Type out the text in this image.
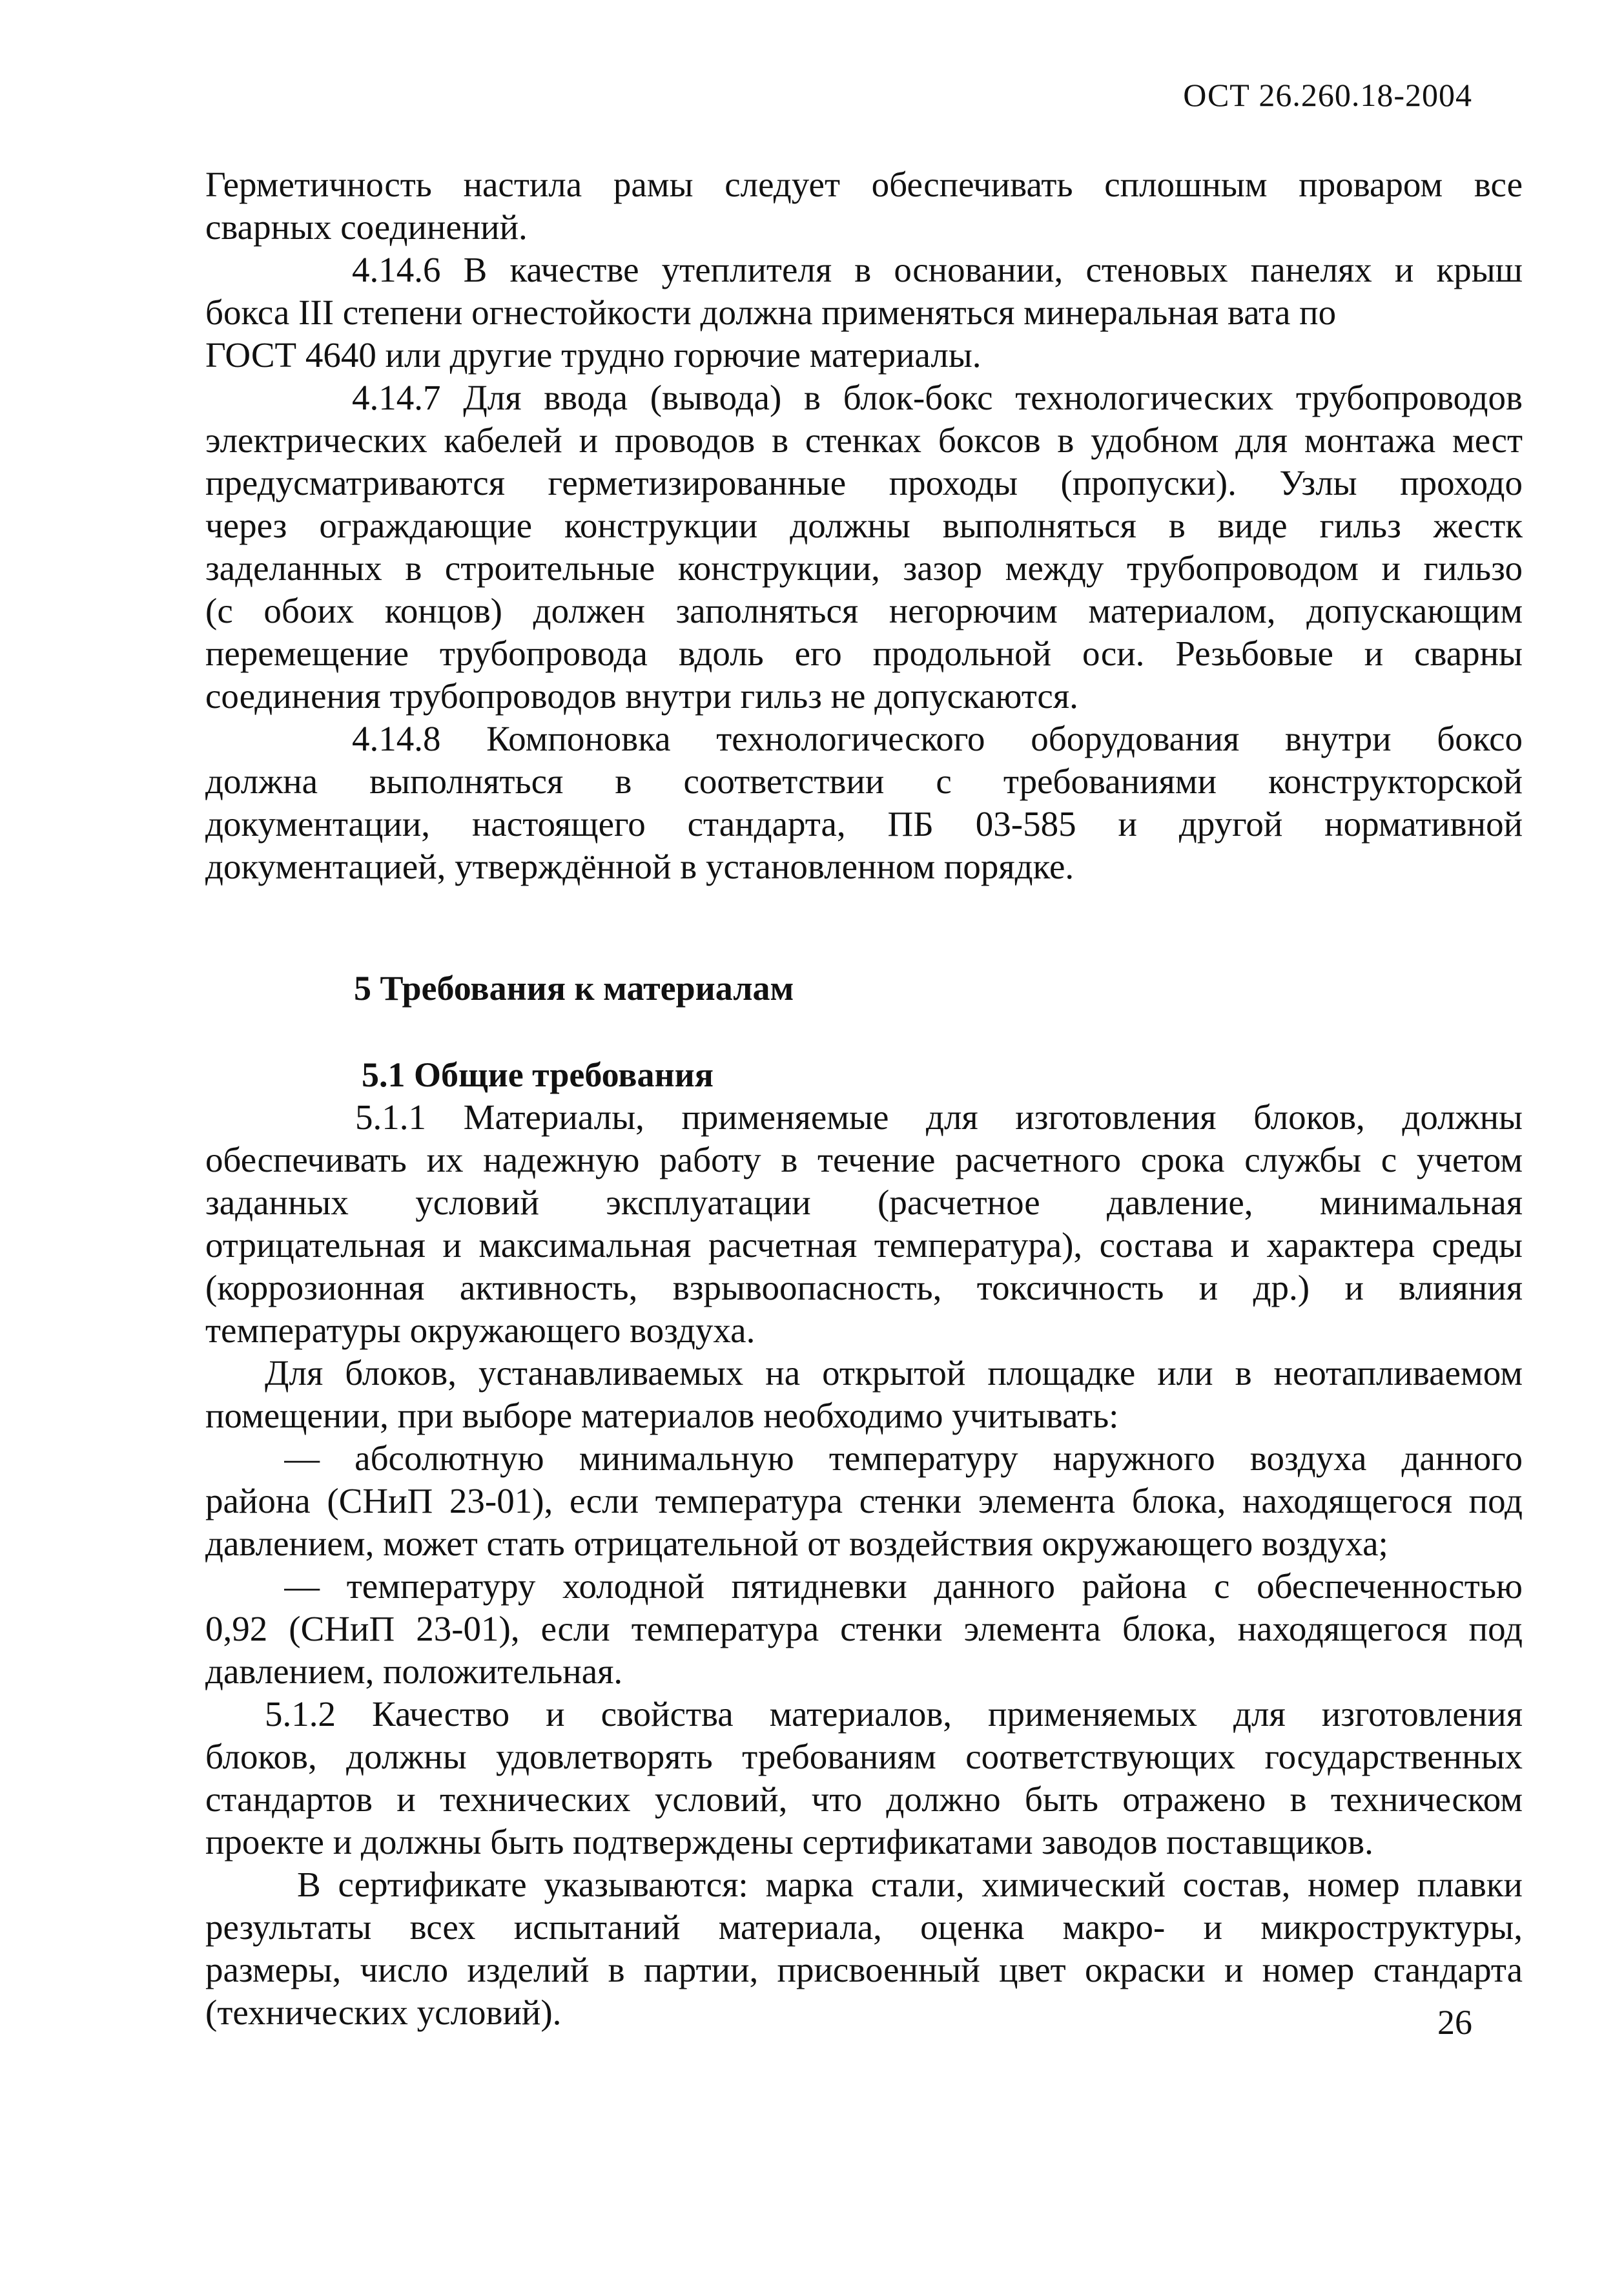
ОСТ 26.260.18-2004
Герметичность настила рамы следует обеспечивать сплошным проваром все
сварных соединений.
4.14.6 В качестве утеплителя в основании, стеновых панелях и крыш
бокса III степени огнестойкости должна применяться минеральная вата по
ГОСТ 4640 или другие трудно горючие материалы.
4.14.7 Для ввода (вывода) в блок-бокс технологических трубопроводов
электрических кабелей и проводов в стенках боксов в удобном для монтажа мест
предусматриваются герметизированные проходы (пропуски). Узлы проходо
через ограждающие конструкции должны выполняться в виде гильз жестк
заделанных в строительные конструкции, зазор между трубопроводом и гильзо
(с обоих концов) должен заполняться негорючим материалом, допускающим
перемещение трубопровода вдоль его продольной оси. Резьбовые и сварны
соединения трубопроводов внутри гильз не допускаются.
4.14.8 Компоновка технологического оборудования внутри боксо
должна выполняться в соответствии с требованиями конструкторской
документации, настоящего стандарта, ПБ 03-585 и другой нормативной
документацией, утверждённой в установленном порядке.
5 Требования к материалам
5.1 Общие требования
5.1.1 Материалы, применяемые для изготовления блоков, должны
обеспечивать их надежную работу в течение расчетного срока службы с учетом
заданных условий эксплуатации (расчетное давление, минимальная
отрицательная и максимальная расчетная температура), состава и характера среды
(коррозионная активность, взрывоопасность, токсичность и др.) и влияния
температуры окружающего воздуха.
Для блоков, устанавливаемых на открытой площадке или в неотапливаемом
помещении, при выборе материалов необходимо учитывать:
— абсолютную минимальную температуру наружного воздуха данного
района (СНиП 23-01), если температура стенки элемента блока, находящегося под
давлением, может стать отрицательной от воздействия окружающего воздуха;
— температуру холодной пятидневки данного района с обеспеченностью
0,92 (СНиП 23-01), если температура стенки элемента блока, находящегося под
давлением, положительная.
5.1.2 Качество и свойства материалов, применяемых для изготовления
блоков, должны удовлетворять требованиям соответствующих государственных
стандартов и технических условий, что должно быть отражено в техническом
проекте и должны быть подтверждены сертификатами заводов поставщиков.
В сертификате указываются: марка стали, химический состав, номер плавки
результаты всех испытаний материала, оценка макро- и микроструктуры,
размеры, число изделий в партии, присвоенный цвет окраски и номер стандарта
(технических условий).	26
